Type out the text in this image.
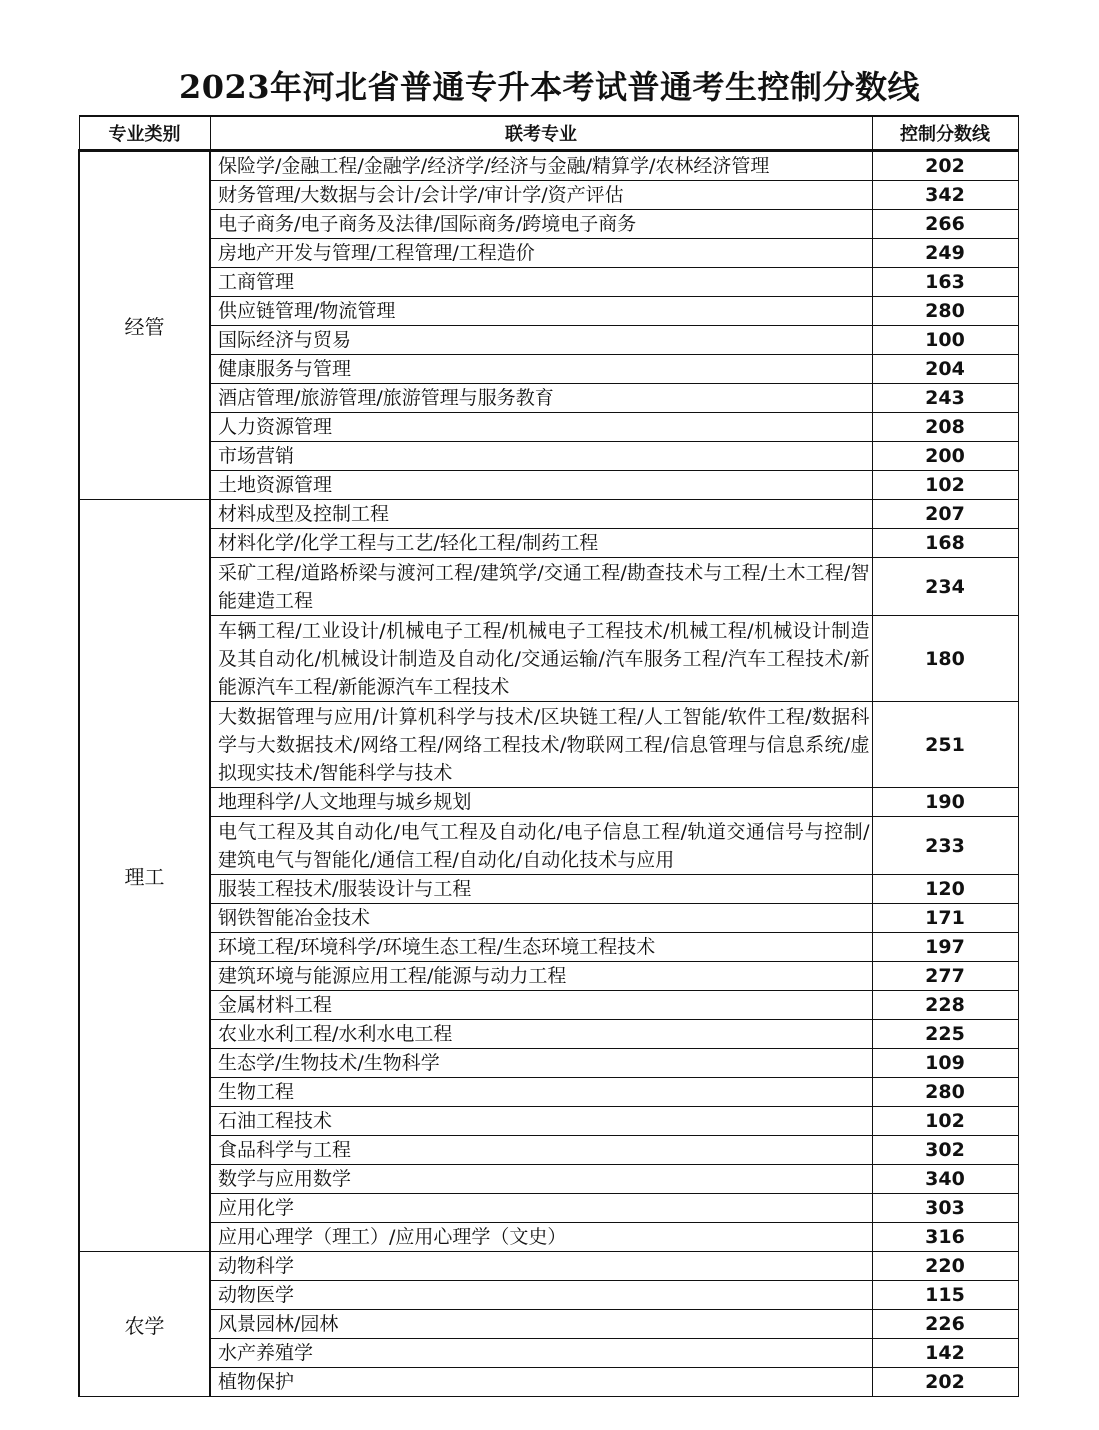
2023年河北省普通专升本考试普通考生控制分数线
专业类别	联考专业	控制分数线
经管	保险学/金融工程/金融学/经济学/经济与金融/精算学/农林经济管理	202
	财务管理/大数据与会计/会计学/审计学/资产评估	342
	电子商务/电子商务及法律/国际商务/跨境电子商务	266
	房地产开发与管理/工程管理/工程造价	249
	工商管理	163
	供应链管理/物流管理	280
	国际经济与贸易	100
	健康服务与管理	204
	酒店管理/旅游管理/旅游管理与服务教育	243
	人力资源管理	208
	市场营销	200
	土地资源管理	102
理工	材料成型及控制工程	207
	材料化学/化学工程与工艺/轻化工程/制药工程	168
	采矿工程/道路桥梁与渡河工程/建筑学/交通工程/勘查技术与工程/土木工程/智能建造工程	234
	车辆工程/工业设计/机械电子工程/机械电子工程技术/机械工程/机械设计制造及其自动化/机械设计制造及自动化/交通运输/汽车服务工程/汽车工程技术/新能源汽车工程/新能源汽车工程技术	180
	大数据管理与应用/计算机科学与技术/区块链工程/人工智能/软件工程/数据科学与大数据技术/网络工程/网络工程技术/物联网工程/信息管理与信息系统/虚拟现实技术/智能科学与技术	251
	地理科学/人文地理与城乡规划	190
	电气工程及其自动化/电气工程及自动化/电子信息工程/轨道交通信号与控制/建筑电气与智能化/通信工程/自动化/自动化技术与应用	233
	服装工程技术/服装设计与工程	120
	钢铁智能冶金技术	171
	环境工程/环境科学/环境生态工程/生态环境工程技术	197
	建筑环境与能源应用工程/能源与动力工程	277
	金属材料工程	228
	农业水利工程/水利水电工程	225
	生态学/生物技术/生物科学	109
	生物工程	280
	石油工程技术	102
	食品科学与工程	302
	数学与应用数学	340
	应用化学	303
	应用心理学（理工）/应用心理学（文史）	316
农学	动物科学	220
	动物医学	115
	风景园林/园林	226
	水产养殖学	142
	植物保护	202
